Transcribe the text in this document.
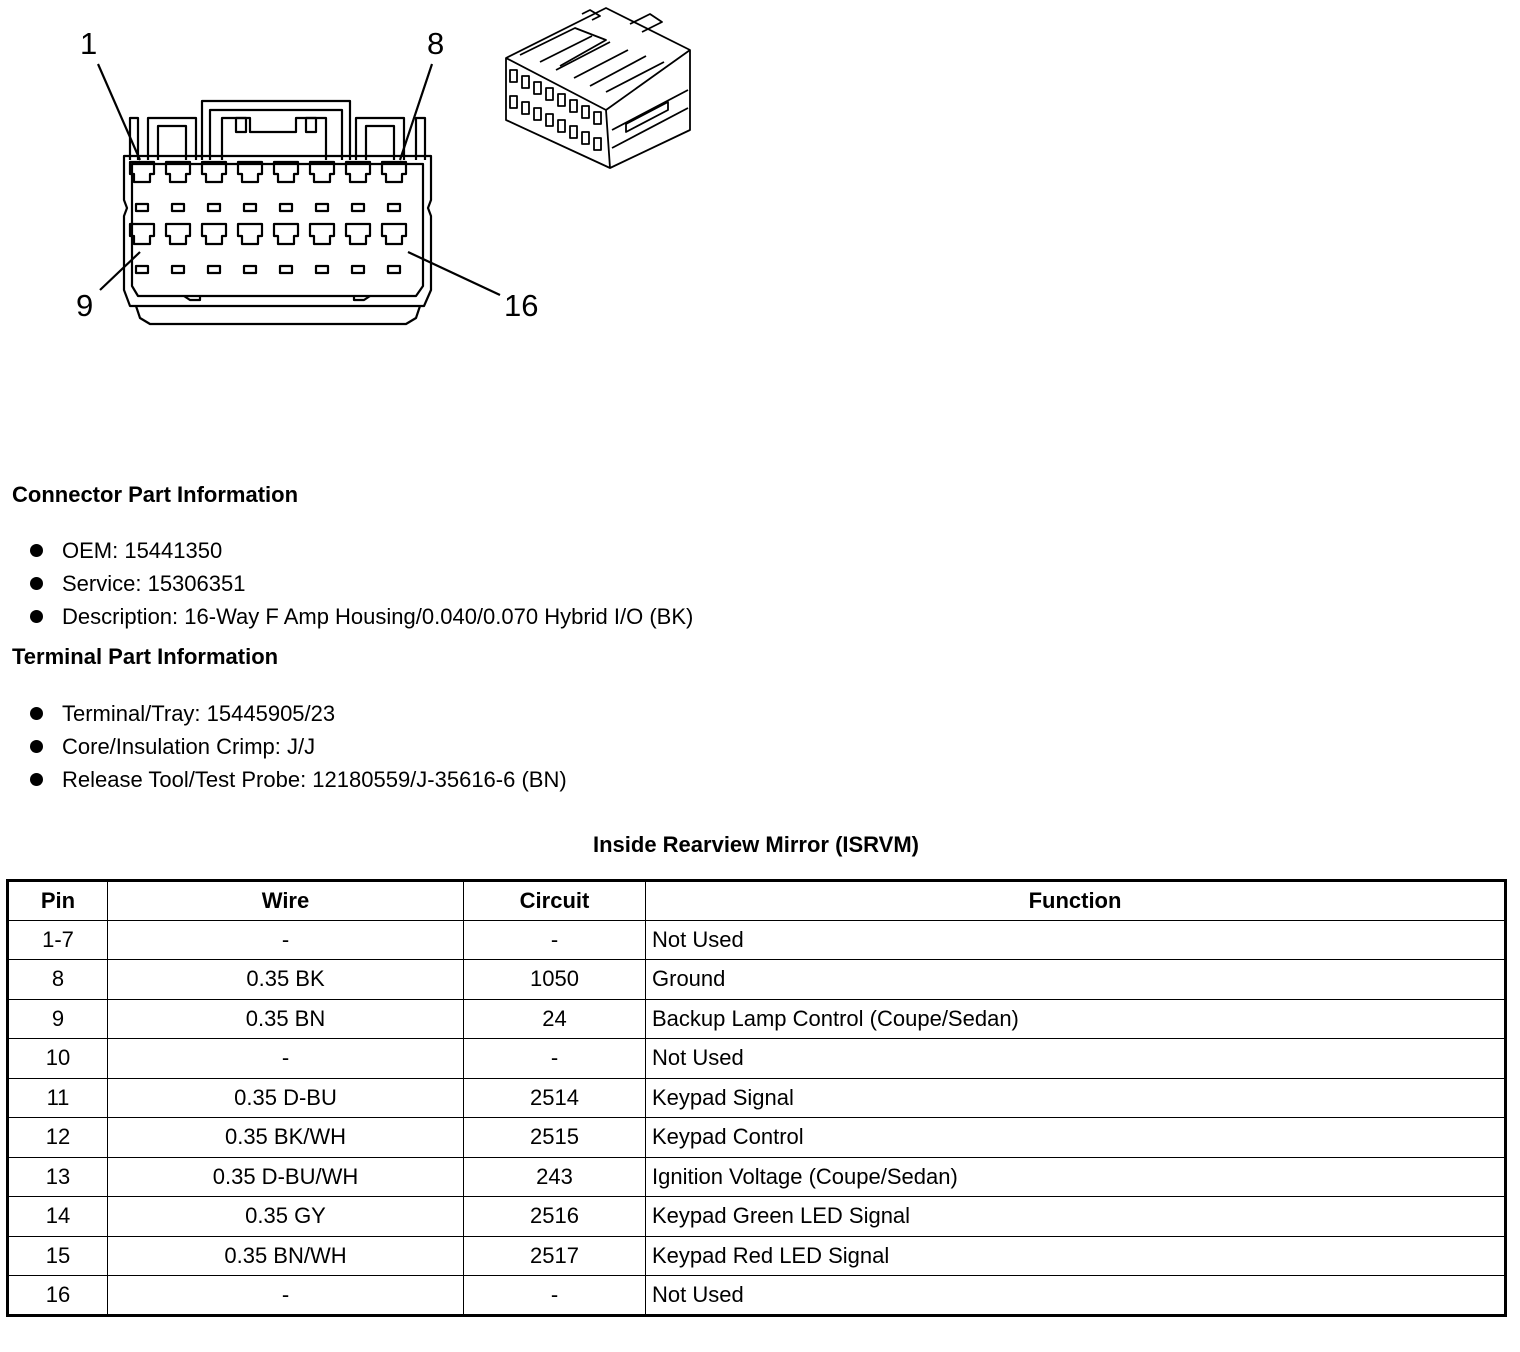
1	8
9	16
Connector Part Information
OEM: 15441350
Service: 15306351
Description: 16-Way F Amp Housing/0.040/0.070 Hybrid I/O (BK)
Terminal Part Information
Terminal/Tray: 15445905/23
Core/Insulation Crimp: J/J
Release Tool/Test Probe: 12180559/J-35616-6 (BN)
Inside Rearview Mirror (ISRVM)
Pin	Wire	Circuit	Function
1-7	-	-	Not Used
8	0.35 BK	1050	Ground
9	0.35 BN	24	Backup Lamp Control (Coupe/Sedan)
10	-	-	Not Used
11	0.35 D-BU	2514	Keypad Signal
12	0.35 BK/WH	2515	Keypad Control
13	0.35 D-BU/WH	243	Ignition Voltage (Coupe/Sedan)
14	0.35 GY	2516	Keypad Green LED Signal
15	0.35 BN/WH	2517	Keypad Red LED Signal
16	-	-	Not Used
